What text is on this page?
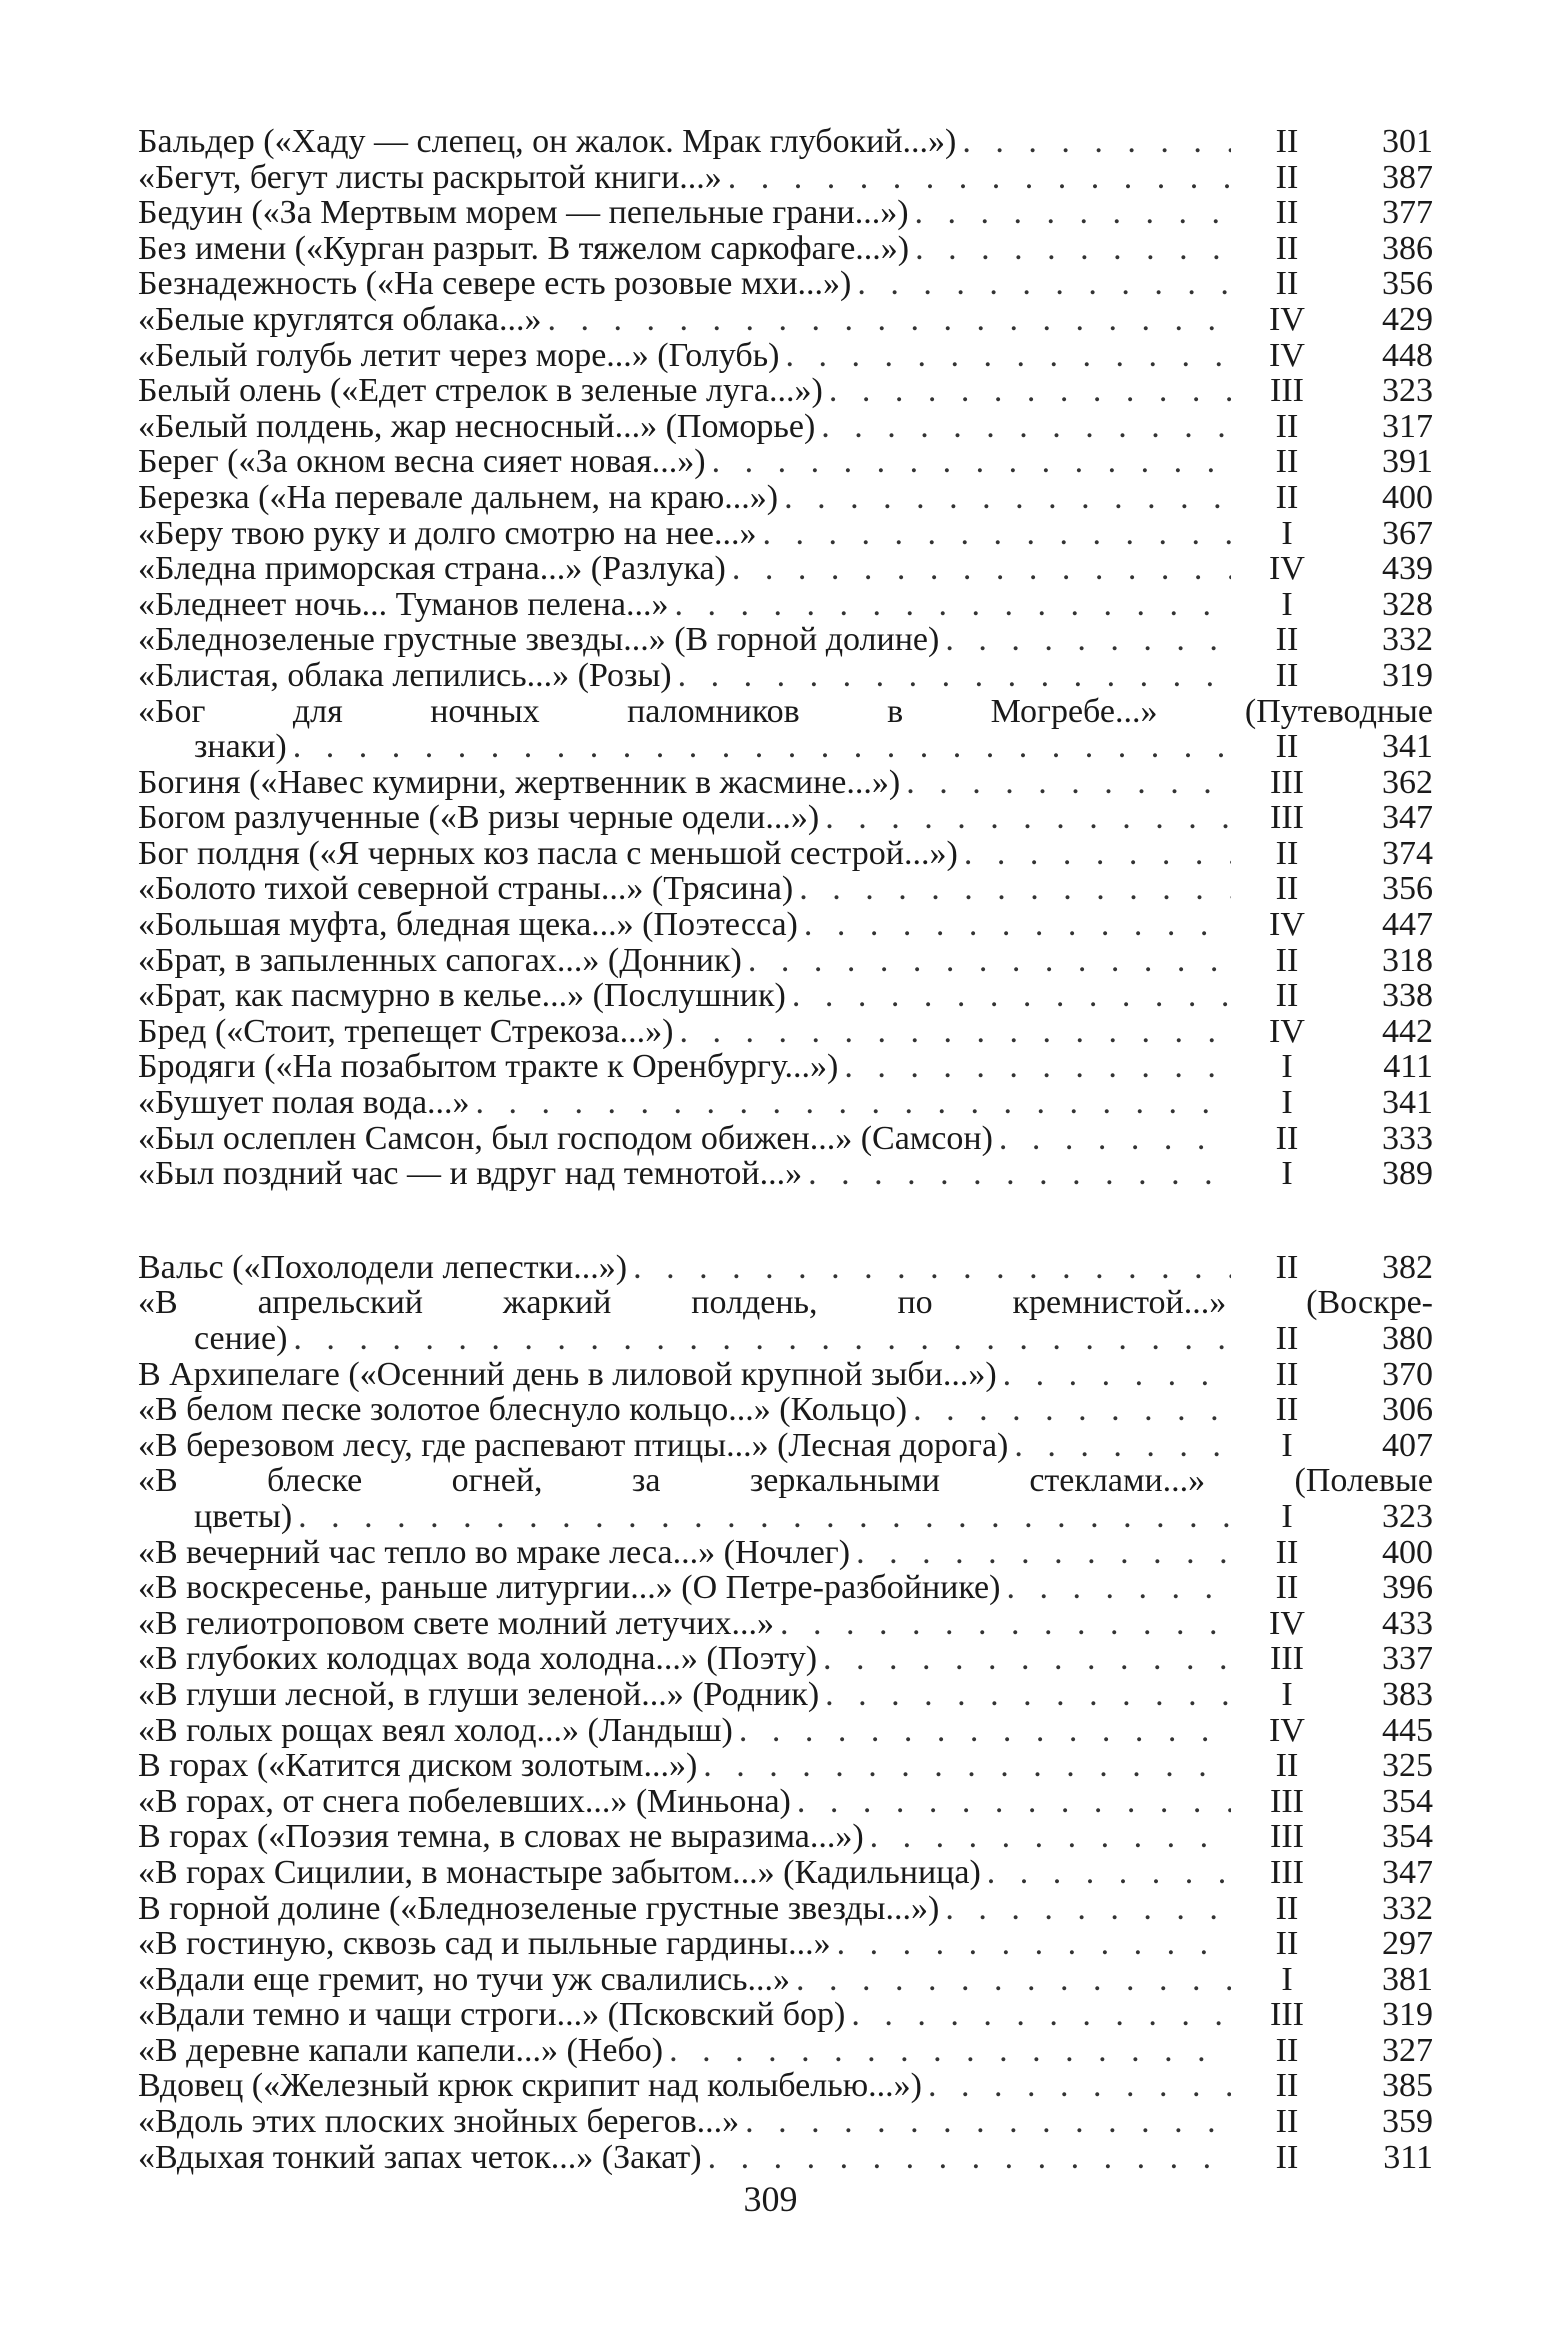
Бальдер («Хаду — слепец, он жалок. Мрак глубокий...») . . .	II	301
«Бегут, бегут листы раскрытой книги...» . . .	II	387
Бедуин («За Мертвым морем — пепельные грани...») . . .	II	377
Без имени («Курган разрыт. В тяжелом саркофаге...») . . .	II	386
Безнадежность («На севере есть розовые мхи...») . . .	II	356
«Белые круглятся облака...» . . .	IV	429
«Белый голубь летит через море...» (Голубь) . . .	IV	448
Белый олень («Едет стрелок в зеленые луга...») . . .	III	323
«Белый полдень, жар несносный...» (Поморье) . . .	II	317
Берег («За окном весна сияет новая...») . . .	II	391
Березка («На перевале дальнем, на краю...») . . .	II	400
«Беру твою руку и долго смотрю на нее...» . . .	I	367
«Бледна приморская страна...» (Разлука) . . .	IV	439
«Бледнеет ночь... Туманов пелена...» . . .	I	328
«Бледнозеленые грустные звезды...» (В горной долине) . . .	II	332
«Блистая, облака лепились...» (Розы) . . .	II	319
«Бог для ночных паломников в Могребе...» (Путеводные
знаки) . . .	II	341
Богиня («Навес кумирни, жертвенник в жасмине...») . . .	III	362
Богом разлученные («В ризы черные одели...») . . .	III	347
Бог полдня («Я черных коз пасла с меньшой сестрой...») . . .	II	374
«Болото тихой северной страны...» (Трясина) . . .	II	356
«Большая муфта, бледная щека...» (Поэтесса) . . .	IV	447
«Брат, в запыленных сапогах...» (Донник) . . .	II	318
«Брат, как пасмурно в келье...» (Послушник) . . .	II	338
Бред («Стоит, трепещет Стрекоза...») . . .	IV	442
Бродяги («На позабытом тракте к Оренбургу...») . . .	I	411
«Бушует полая вода...» . . .	I	341
«Был ослеплен Самсон, был господом обижен...» (Самсон) . . .	II	333
«Был поздний час — и вдруг над темнотой...» . . .	I	389
Вальс («Похолодели лепестки...») . . .	II	382
«В апрельский жаркий полдень, по кремнистой...» (Воскре-
сение) . . .	II	380
В Архипелаге («Осенний день в лиловой крупной зыби...») . . .	II	370
«В белом песке золотое блеснуло кольцо...» (Кольцо) . . .	II	306
«В березовом лесу, где распевают птицы...» (Лесная дорога) . . .	I	407
«В блеске огней, за зеркальными стеклами...» (Полевые
цветы) . . .	I	323
«В вечерний час тепло во мраке леса...» (Ночлег) . . .	II	400
«В воскресенье, раньше литургии...» (О Петре-разбойнике) . . .	II	396
«В гелиотроповом свете молний летучих...» . . .	IV	433
«В глубоких колодцах вода холодна...» (Поэту) . . .	III	337
«В глуши лесной, в глуши зеленой...» (Родник) . . .	I	383
«В голых рощах веял холод...» (Ландыш) . . .	IV	445
В горах («Катится диском золотым...») . . .	II	325
«В горах, от снега побелевших...» (Миньона) . . .	III	354
В горах («Поэзия темна, в словах не выразима...») . . .	III	354
«В горах Сицилии, в монастыре забытом...» (Кадильница) . . .	III	347
В горной долине («Бледнозеленые грустные звезды...») . . .	II	332
«В гостиную, сквозь сад и пыльные гардины...» . . .	II	297
«Вдали еще гремит, но тучи уж свалились...» . . .	I	381
«Вдали темно и чащи строги...» (Псковский бор) . . .	III	319
«В деревне капали капели...» (Небо) . . .	II	327
Вдовец («Железный крюк скрипит над колыбелью...») . . .	II	385
«Вдоль этих плоских знойных берегов...» . . .	II	359
«Вдыхая тонкий запах четок...» (Закат) . . .	II	311
309
